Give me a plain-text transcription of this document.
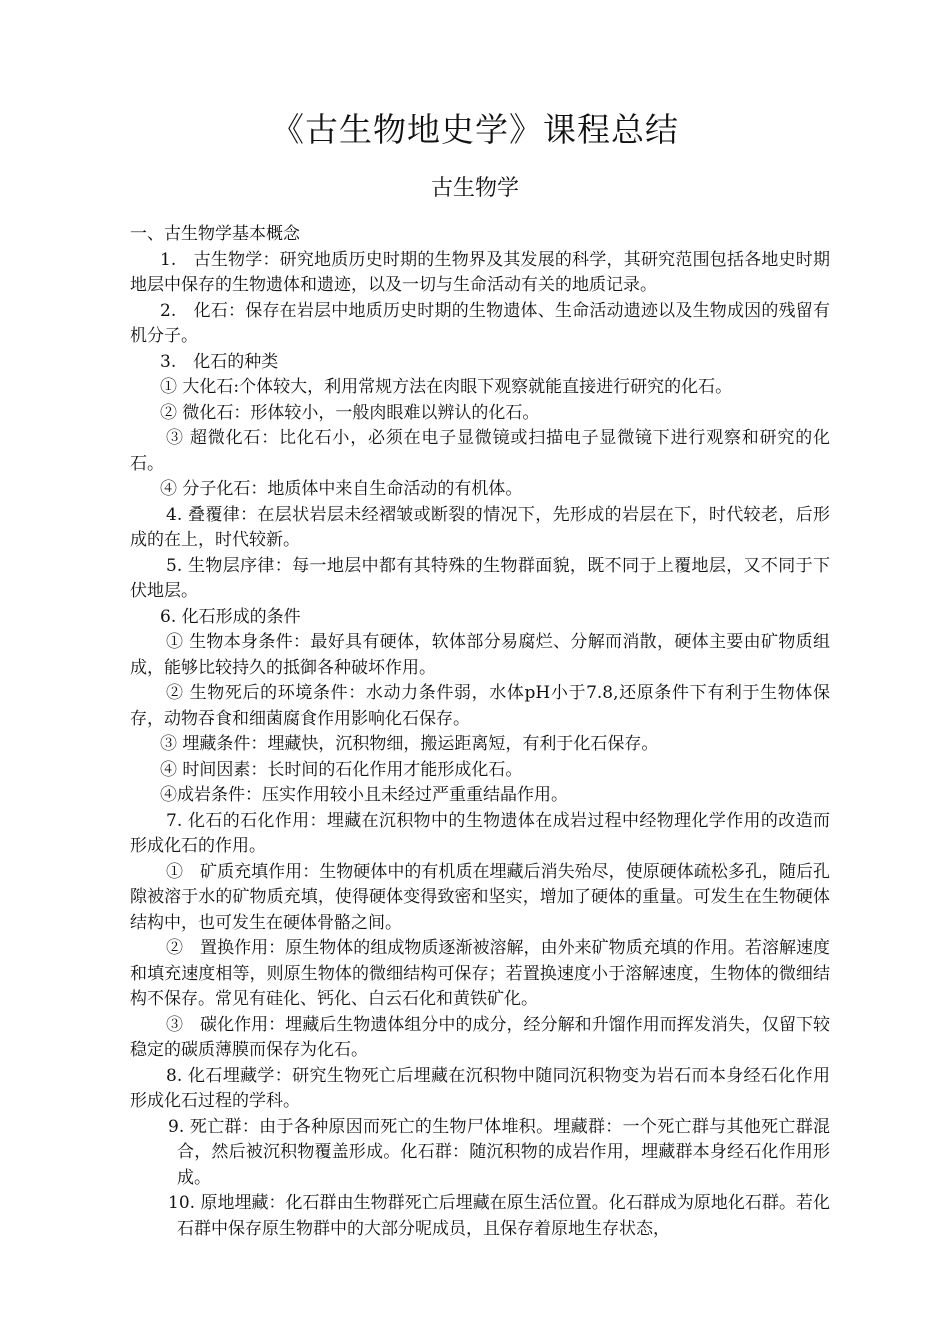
《古生物地史学》课程总结
古生物学

一、古生物学基本概念

1.　古生物学：研究地质历史时期的生物界及其发展的科学，其研究范围包括各地史时期地层中保存的生物遗体和遗迹，以及一切与生命活动有关的地质记录。

2.　化石：保存在岩层中地质历史时期的生物遗体、生命活动遗迹以及生物成因的残留有机分子。

3.　化石的种类

① 大化石:个体较大，利用常规方法在肉眼下观察就能直接进行研究的化石。

② 微化石：形体较小，一般肉眼难以辨认的化石。

③ 超微化石：比化石小，必须在电子显微镜或扫描电子显微镜下进行观察和研究的化石。

④ 分子化石：地质体中来自生命活动的有机体。

4. 叠覆律：在层状岩层未经褶皱或断裂的情况下，先形成的岩层在下，时代较老，后形成的在上，时代较新。

5. 生物层序律：每一地层中都有其特殊的生物群面貌，既不同于上覆地层，又不同于下伏地层。

6. 化石形成的条件

① 生物本身条件：最好具有硬体，软体部分易腐烂、分解而消散，硬体主要由矿物质组成，能够比较持久的抵御各种破坏作用。

② 生物死后的环境条件：水动力条件弱，水体pH小于7.8,还原条件下有利于生物体保存，动物吞食和细菌腐食作用影响化石保存。

③ 埋藏条件：埋藏快，沉积物细，搬运距离短，有利于化石保存。

④ 时间因素：长时间的石化作用才能形成化石。

④成岩条件：压实作用较小且未经过严重重结晶作用。

7. 化石的石化作用：埋藏在沉积物中的生物遗体在成岩过程中经物理化学作用的改造而形成化石的作用。

①　矿质充填作用：生物硬体中的有机质在埋藏后消失殆尽，使原硬体疏松多孔，随后孔隙被溶于水的矿物质充填，使得硬体变得致密和坚实，增加了硬体的重量。可发生在生物硬体结构中，也可发生在硬体骨骼之间。

②　置换作用：原生物体的组成物质逐渐被溶解，由外来矿物质充填的作用。若溶解速度和填充速度相等，则原生物体的微细结构可保存；若置换速度小于溶解速度，生物体的微细结构不保存。常见有硅化、钙化、白云石化和黄铁矿化。

③　碳化作用：埋藏后生物遗体组分中的成分，经分解和升馏作用而挥发消失，仅留下较稳定的碳质薄膜而保存为化石。

8. 化石埋藏学：研究生物死亡后埋藏在沉积物中随同沉积物变为岩石而本身经石化作用形成化石过程的学科。

9. 死亡群：由于各种原因而死亡的生物尸体堆积。埋藏群：一个死亡群与其他死亡群混合，然后被沉积物覆盖形成。化石群：随沉积物的成岩作用，埋藏群本身经石化作用形成。

10. 原地埋藏：化石群由生物群死亡后埋藏在原生活位置。化石群成为原地化石群。若化石群中保存原生物群中的大部分呢成员，且保存着原地生存状态，
